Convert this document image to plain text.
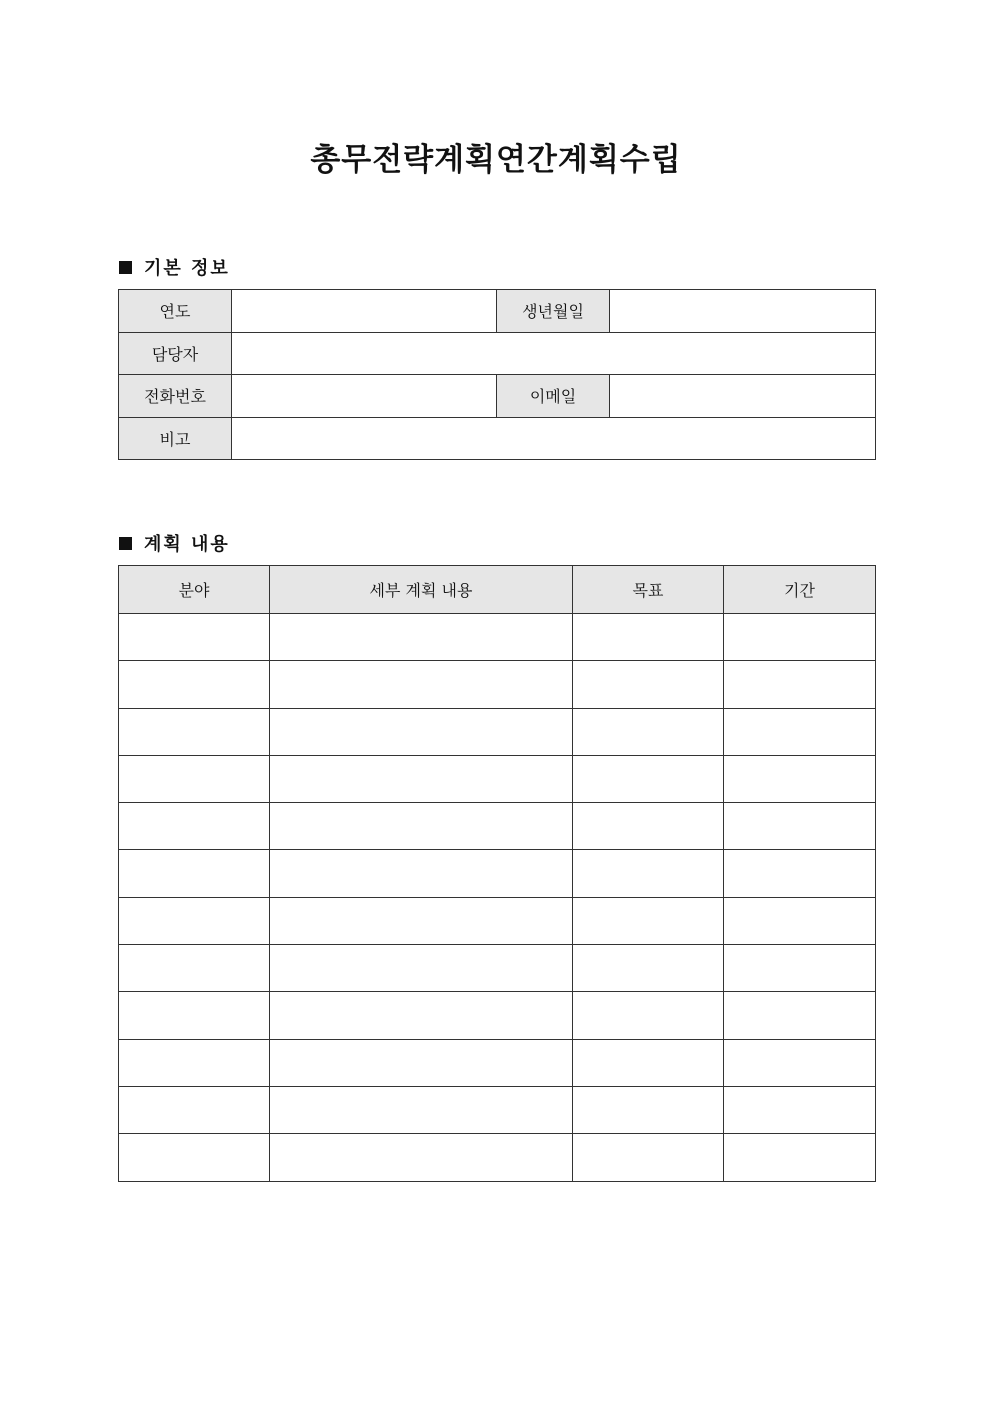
총무전략계획연간계획수립
기본 정보
연도		생년월일	
담당자			
전화번호		이메일	
비고			
계획 내용
분야	세부 계획 내용	목표	기간
